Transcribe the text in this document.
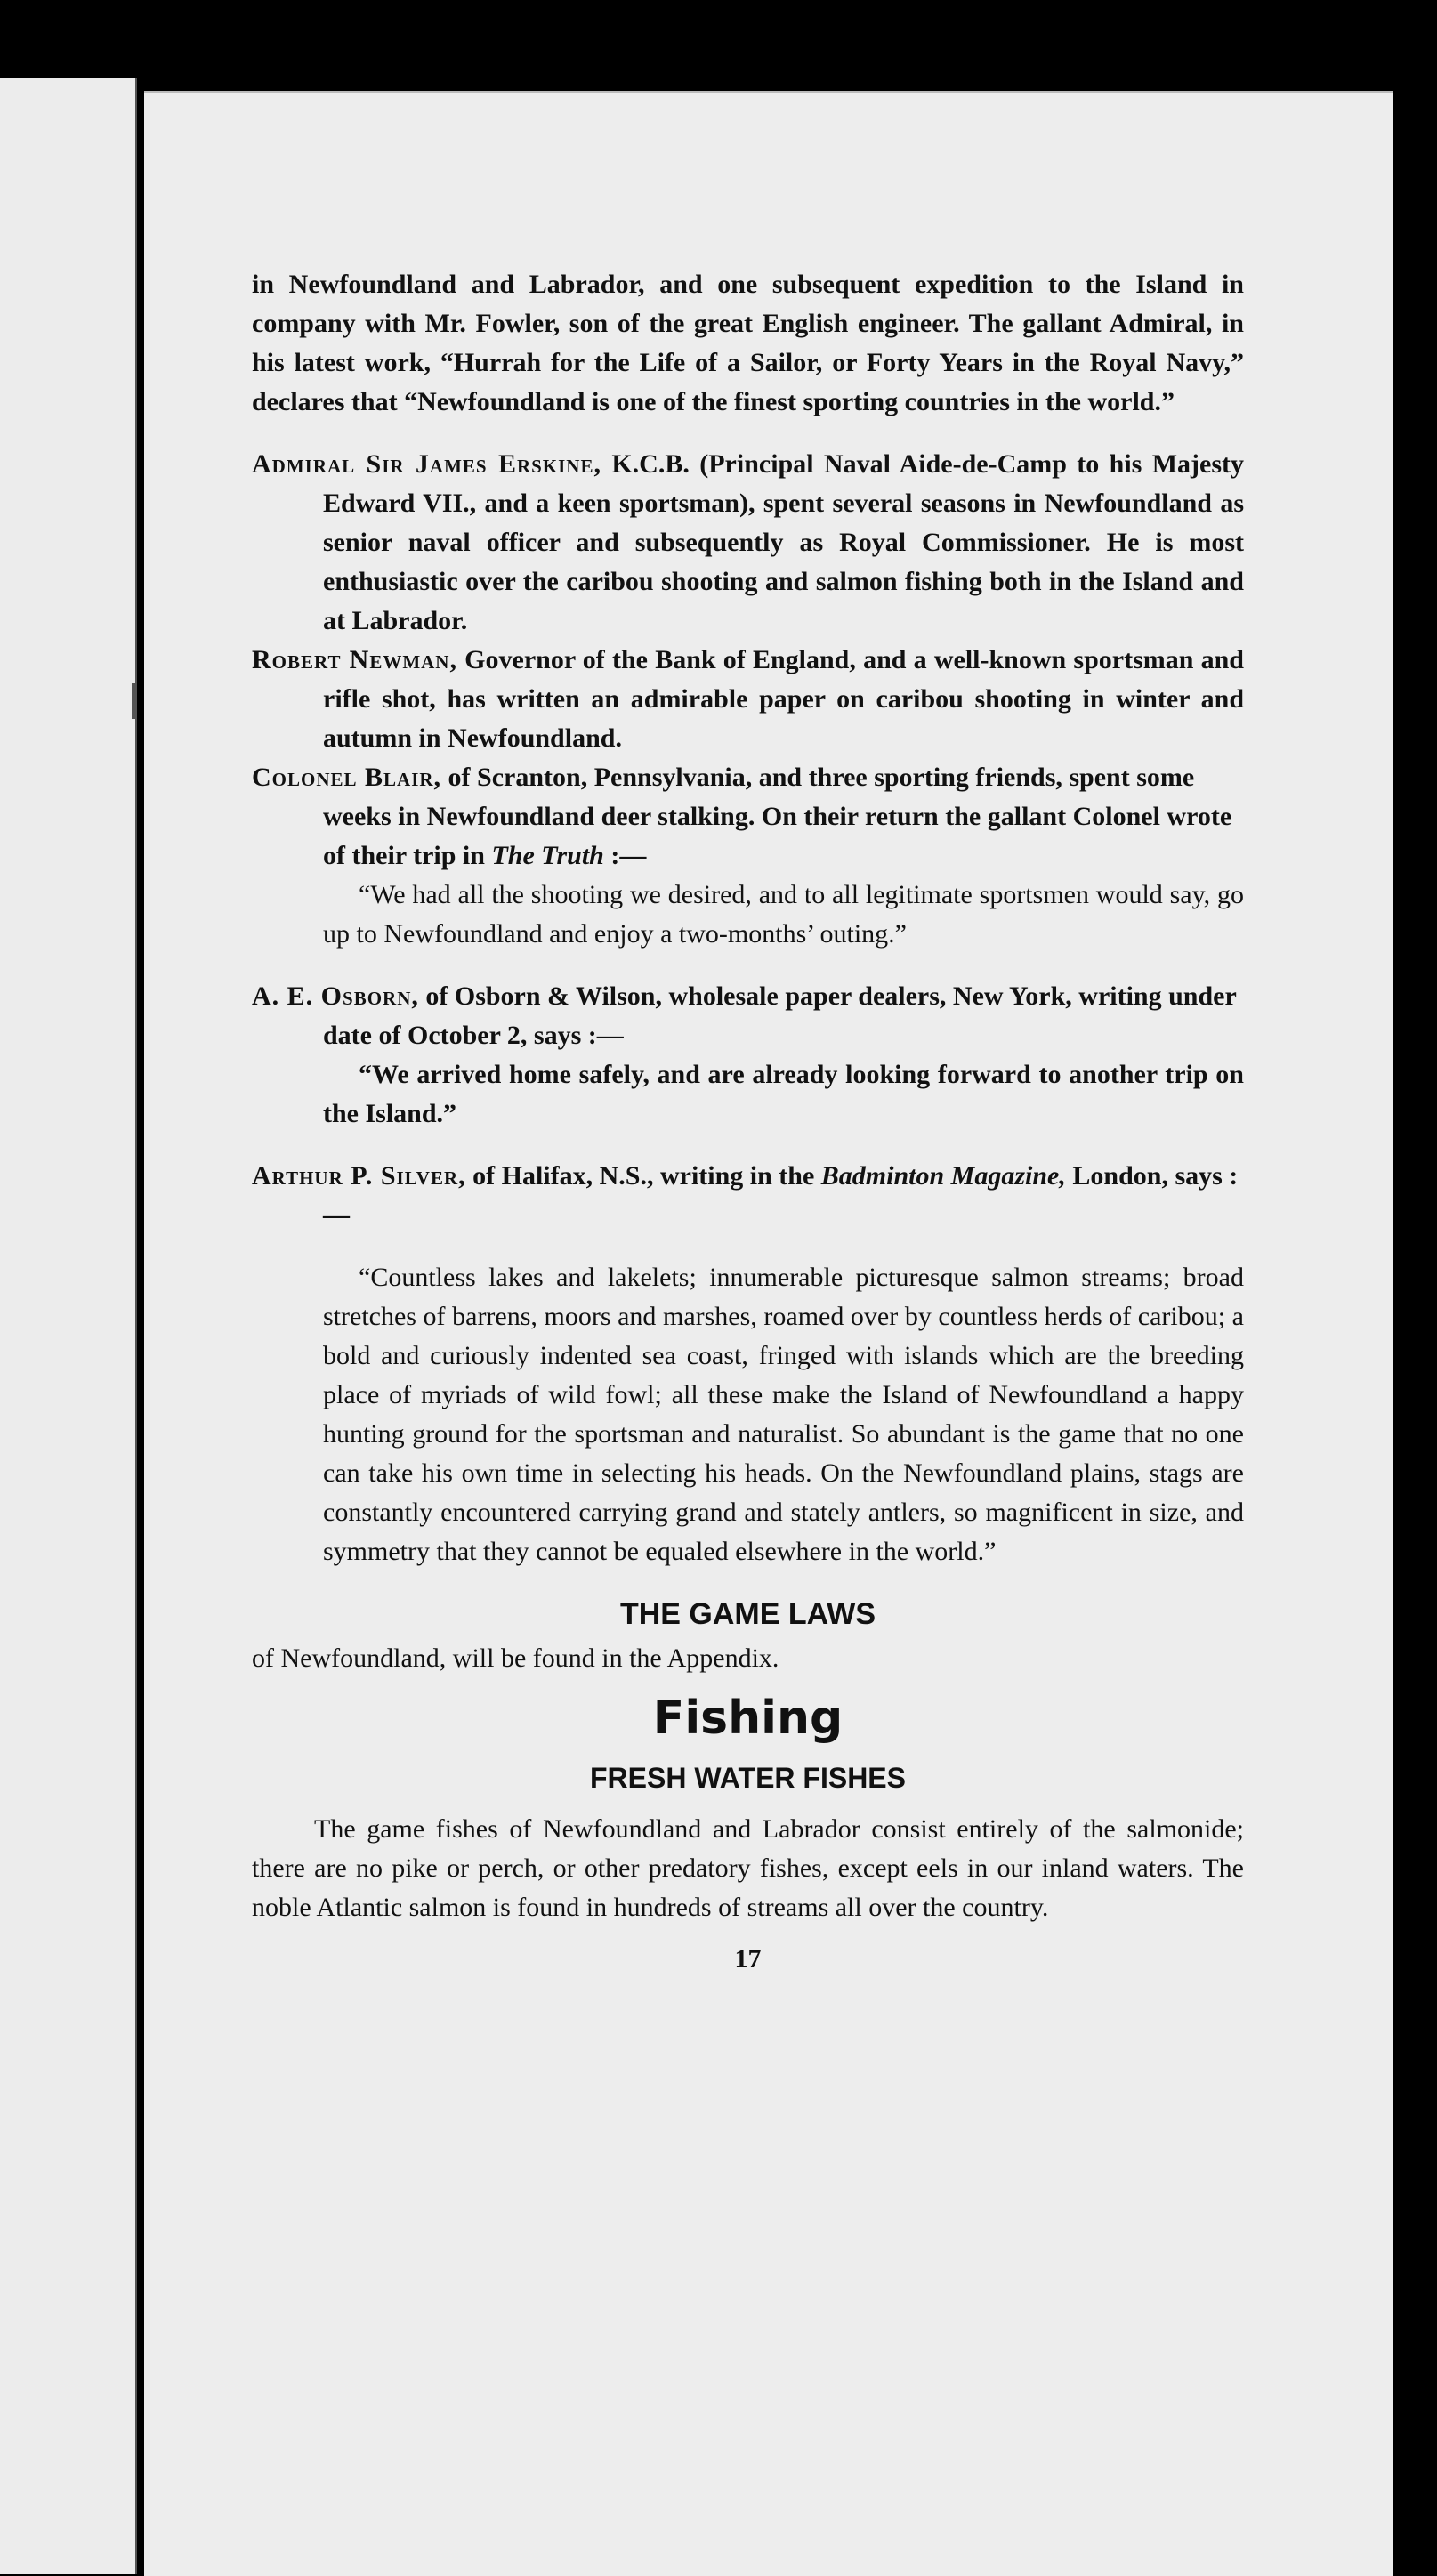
in Newfoundland and Labrador, and one subsequent expedition to the Island in company with Mr. Fowler, son of the great English engineer. The gallant Admiral, in his latest work, “Hurrah for the Life of a Sailor, or Forty Years in the Royal Navy,” declares that “Newfoundland is one of the finest sporting countries in the world.”

Admiral Sir James Erskine, K.C.B. (Principal Naval Aide-de-Camp to his Majesty Edward VII., and a keen sportsman), spent several seasons in Newfoundland as senior naval officer and subsequently as Royal Commissioner. He is most enthusiastic over the caribou shooting and salmon fishing both in the Island and at Labrador.

Robert Newman, Governor of the Bank of England, and a well-known sportsman and rifle shot, has written an admirable paper on caribou shooting in winter and autumn in Newfoundland.

Colonel Blair, of Scranton, Pennsylvania, and three sporting friends, spent some weeks in Newfoundland deer stalking. On their return the gallant Colonel wrote of their trip in The Truth :—

“We had all the shooting we desired, and to all legitimate sportsmen would say, go up to Newfoundland and enjoy a two-months’ outing.”

A. E. Osborn, of Osborn & Wilson, wholesale paper dealers, New York, writing under date of October 2, says :—

“We arrived home safely, and are already looking forward to another trip on the Island.”

Arthur P. Silver, of Halifax, N.S., writing in the Badminton Magazine, London, says :—

“Countless lakes and lakelets; innumerable picturesque salmon streams; broad stretches of barrens, moors and marshes, roamed over by countless herds of caribou; a bold and curiously indented sea coast, fringed with islands which are the breeding place of myriads of wild fowl; all these make the Island of Newfoundland a happy hunting ground for the sportsman and naturalist. So abundant is the game that no one can take his own time in selecting his heads. On the Newfoundland plains, stags are constantly encountered carrying grand and stately antlers, so magnificent in size, and symmetry that they cannot be equaled elsewhere in the world.”

THE GAME LAWS

of Newfoundland, will be found in the Appendix.

Fishing
FRESH WATER FISHES

The game fishes of Newfoundland and Labrador consist entirely of the salmonide; there are no pike or perch, or other predatory fishes, except eels in our inland waters. The noble Atlantic salmon is found in hundreds of streams all over the country.

17
